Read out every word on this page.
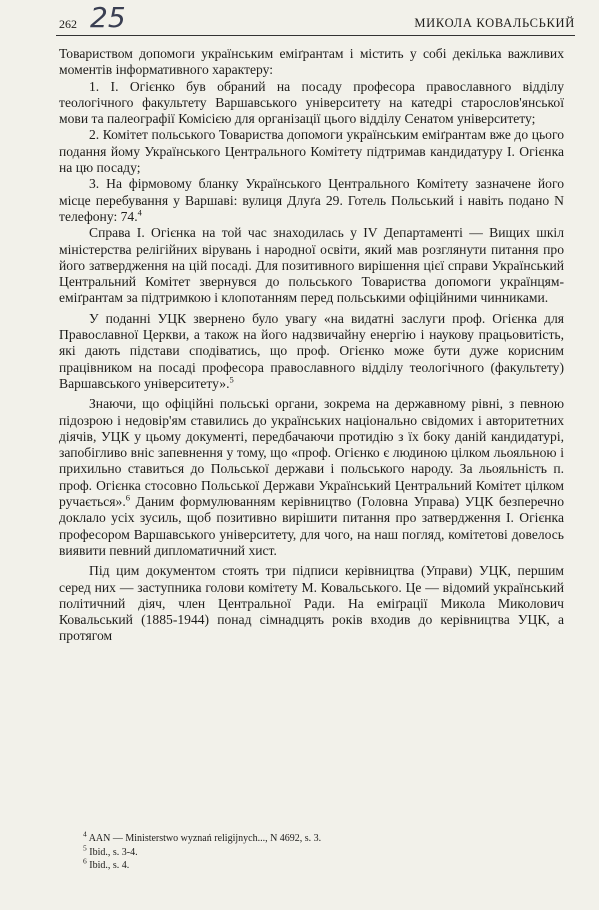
262 25	МИКОЛА КОВАЛЬСЬКИЙ

Товариством допомоги українським еміґрантам і містить у собі декілька важливих моментів інформативного характеру:

1. І. Огієнко був обраний на посаду професора православного відділу теологічного факультету Варшавського університету на катедрі старослов'янської мови та палеографії Комісією для організації цього відділу Сенатом університету;

2. Комітет польського Товариства допомоги українським еміґрантам вже до цього подання йому Українського Центрального Комітету підтримав кандидатуру І. Огієнка на цю посаду;

3. На фірмовому бланку Українського Центрального Комітету зазначене його місце перебування у Варшаві: вулиця Длуґа 29. Готель Польський і навіть подано N телефону: 74.$^4$

Справа І. Огієнка на той час знаходилась у IV Департаменті — Вищих шкіл міністерства релігійних вірувань і народної освіти, який мав розглянути питання про його затвердження на цій посаді. Для позитивного вирішення цієї справи Український Центральний Комітет звернувся до польського Товариства допомоги українцям-еміґрантам за підтримкою і клопотанням перед польськими офіційними чинниками.

У поданні УЦК звернено було увагу «на видатні заслуги проф. Огієнка для Православної Церкви, а також на його надзвичайну енергію і наукову працьовитість, які дають підстави сподіватись, що проф. Огієнко може бути дуже корисним працівником на посаді професора православного відділу теологічного (факультету) Варшавського університету».$^5$

Знаючи, що офіційні польські органи, зокрема на державному рівні, з певною підозрою і недовір'ям ставились до українських національно свідомих і авторитетних діячів, УЦК у цьому документі, передбачаючи протидію з їх боку даній кандидатурі, запобігливо вніс запевнення у тому, що «проф. Огієнко є людиною цілком льояльною і прихильно ставиться до Польської держави і польського народу. За льояльність п. проф. Огієнка стосовно Польської Держави Український Центральний Комітет цілком ручається».$^6$ Даним формулюванням керівництво (Головна Управа) УЦК безперечно доклало усіх зусиль, щоб позитивно вирішити питання про затвердження І. Огієнка професором Варшавського університету, для чого, на наш погляд, комітетові довелось виявити певний дипломатичний хист.

Під цим документом стоять три підписи керівництва (Управи) УЦК, першим серед них — заступника голови комітету М. Ковальського. Це — відомий український політичний діяч, член Центральної Ради. На еміґрації Микола Миколович Ковальський (1885-1944) понад сімнадцять років входив до керівництва УЦК, а протягом

$^4$ AAN — Ministerstwo wyznań religijnych..., N 4692, s. 3.
$^5$ Ibid., s. 3-4.
$^6$ Ibid., s. 4.
